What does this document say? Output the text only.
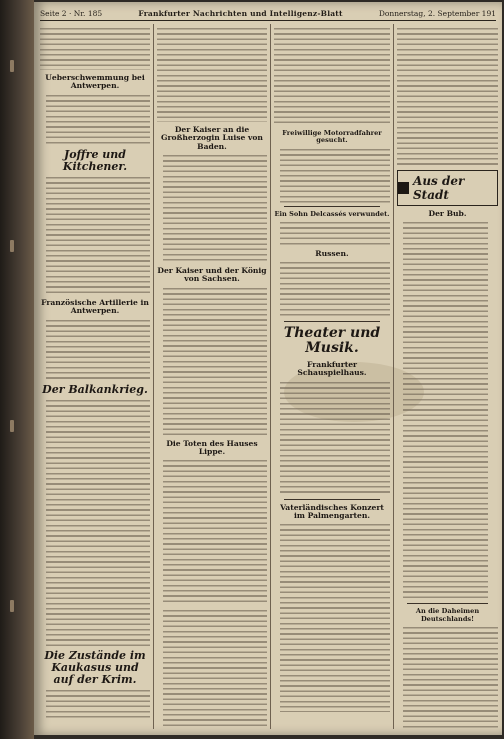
Seite 2 · Nr. 185	Frankfurter Nachrichten und Intelligenz-Blatt	Donnerstag, 2. September 191
Ueberschwemmung bei Antwerpen.
Joffre und Kitchener.
Französische Artillerie in Antwerpen.
Der Balkankrieg.
Die Zustände im Kaukasus und auf der Krim.
Der Kaiser an die Großherzogin Luise von Baden.
Der Kaiser und der König von Sachsen.
Die Toten des Hauses Lippe.
Freiwillige Motorradfahrer gesucht.
Ein Sohn Delcassés verwundet.
Russen.
Theater und Musik.
Frankfurter Schauspielhaus.
Vaterländisches Konzert im Palmengarten.
Aus der Stadt
Der Bub.
An die Daheimen Deutschlands!
